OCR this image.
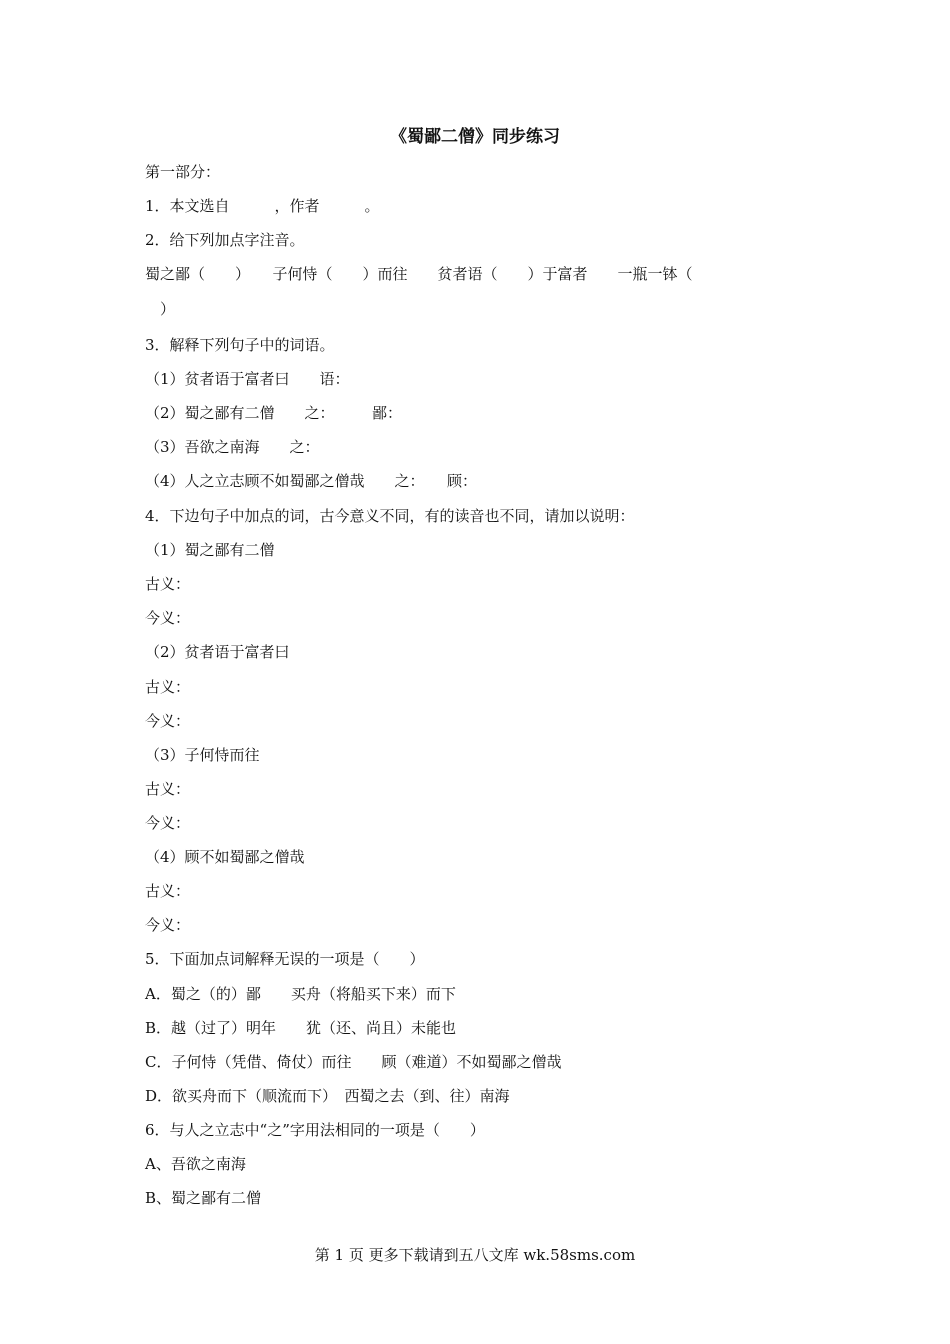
《蜀鄙二僧》同步练习
第一部分：
1．本文选自　　　，作者　　　。
2．给下列加点字注音。
蜀之鄙（　　）　　子何恃（　　）而往　　贫者语（　　）于富者　　一瓶一钵（
　）
3．解释下列句子中的词语。
（1）贫者语于富者曰　　语：
（2）蜀之鄙有二僧　　之：　　　鄙：
（3）吾欲之南海　　之：
（4）人之立志顾不如蜀鄙之僧哉　　之：　　顾：
4．下边句子中加点的词，古今意义不同，有的读音也不同，请加以说明：
（1）蜀之鄙有二僧
古义：
今义：
（2）贫者语于富者曰
古义：
今义：
（3）子何恃而往
古义：
今义：
（4）顾不如蜀鄙之僧哉
古义：
今义：
5．下面加点词解释无误的一项是（　　）
A．蜀之（的）鄙　　买舟（将船买下来）而下
B．越（过了）明年　　犹（还、尚且）未能也
C．子何恃（凭借、倚仗）而往　　顾（难道）不如蜀鄙之僧哉
D．欲买舟而下（顺流而下）　西蜀之去（到、往）南海
6．与人之立志中“之”字用法相同的一项是（　　）
A、吾欲之南海
B、蜀之鄙有二僧
第 1 页 更多下载请到五八文库 wk.58sms.com
